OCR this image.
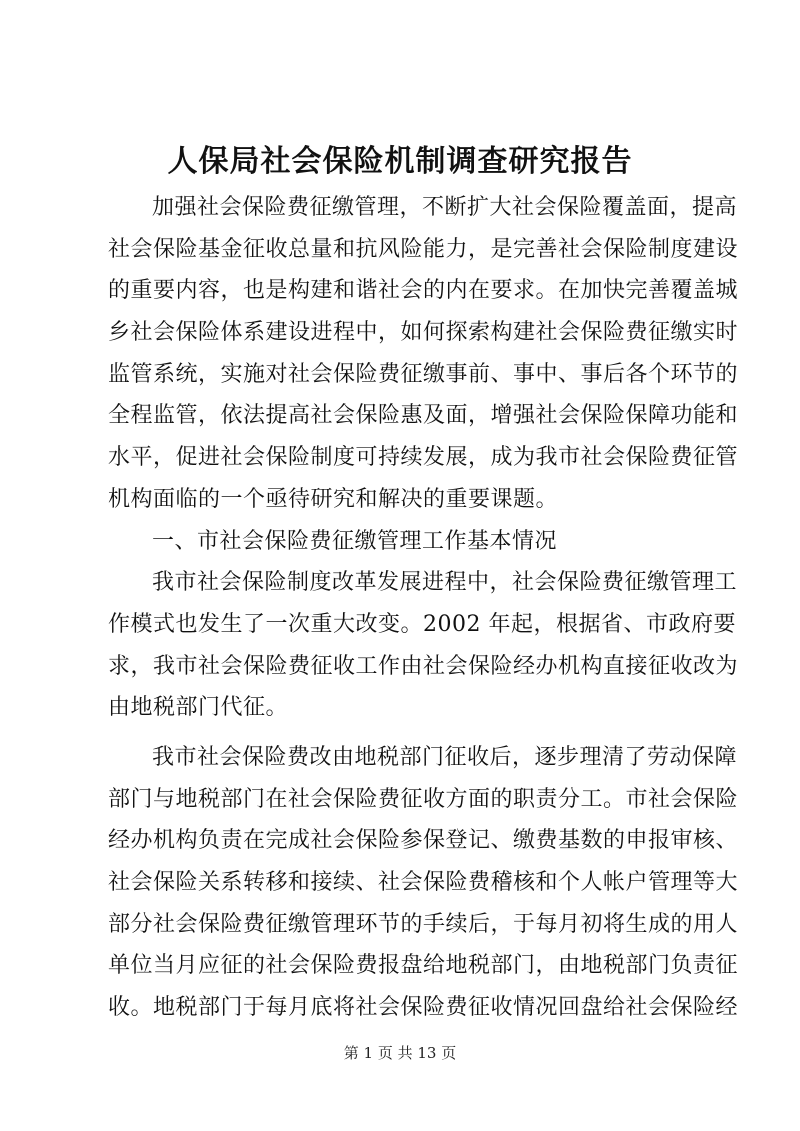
人保局社会保险机制调查研究报告
加强社会保险费征缴管理，不断扩大社会保险覆盖面，提高
社会保险基金征收总量和抗风险能力，是完善社会保险制度建设
的重要内容，也是构建和谐社会的内在要求。在加快完善覆盖城
乡社会保险体系建设进程中，如何探索构建社会保险费征缴实时
监管系统，实施对社会保险费征缴事前、事中、事后各个环节的
全程监管，依法提高社会保险惠及面，增强社会保险保障功能和
水平，促进社会保险制度可持续发展，成为我市社会保险费征管
机构面临的一个亟待研究和解决的重要课题。
一、市社会保险费征缴管理工作基本情况
我市社会保险制度改革发展进程中，社会保险费征缴管理工
作模式也发生了一次重大改变。2002 年起，根据省、市政府要
求，我市社会保险费征收工作由社会保险经办机构直接征收改为
由地税部门代征。
我市社会保险费改由地税部门征收后，逐步理清了劳动保障
部门与地税部门在社会保险费征收方面的职责分工。市社会保险
经办机构负责在完成社会保险参保登记、缴费基数的申报审核、
社会保险关系转移和接续、社会保险费稽核和个人帐户管理等大
部分社会保险费征缴管理环节的手续后，于每月初将生成的用人
单位当月应征的社会保险费报盘给地税部门，由地税部门负责征
收。地税部门于每月底将社会保险费征收情况回盘给社会保险经
第 1 页 共 13 页
